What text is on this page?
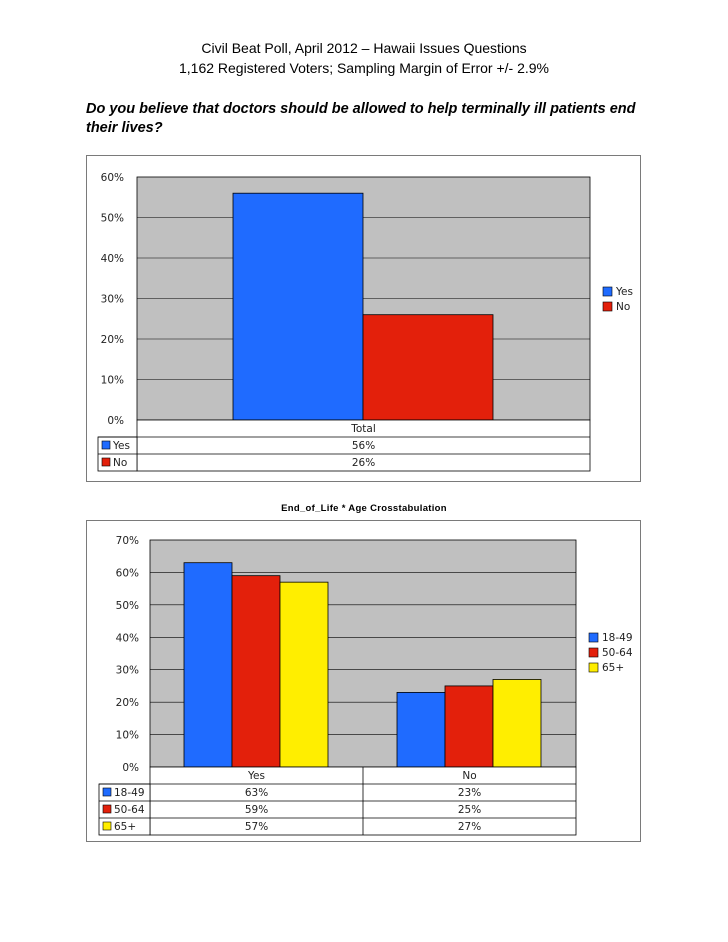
Civil Beat Poll, April 2012 – Hawaii Issues Questions
1,162 Registered Voters; Sampling Margin of Error +/- 2.9%
Do you believe that doctors should be allowed to help terminally ill patients end their lives?
End_of_Life * Age Crosstabulation
0%
10%
20%
30%
40%
50%
60%
Total
56%
26%
Yes
No
Yes
No
0%
10%
20%
30%
40%
50%
60%
70%
Yes
63%
59%
57%
No
23%
25%
27%
18-49
50-64
65+
18-49
50-64
65+
